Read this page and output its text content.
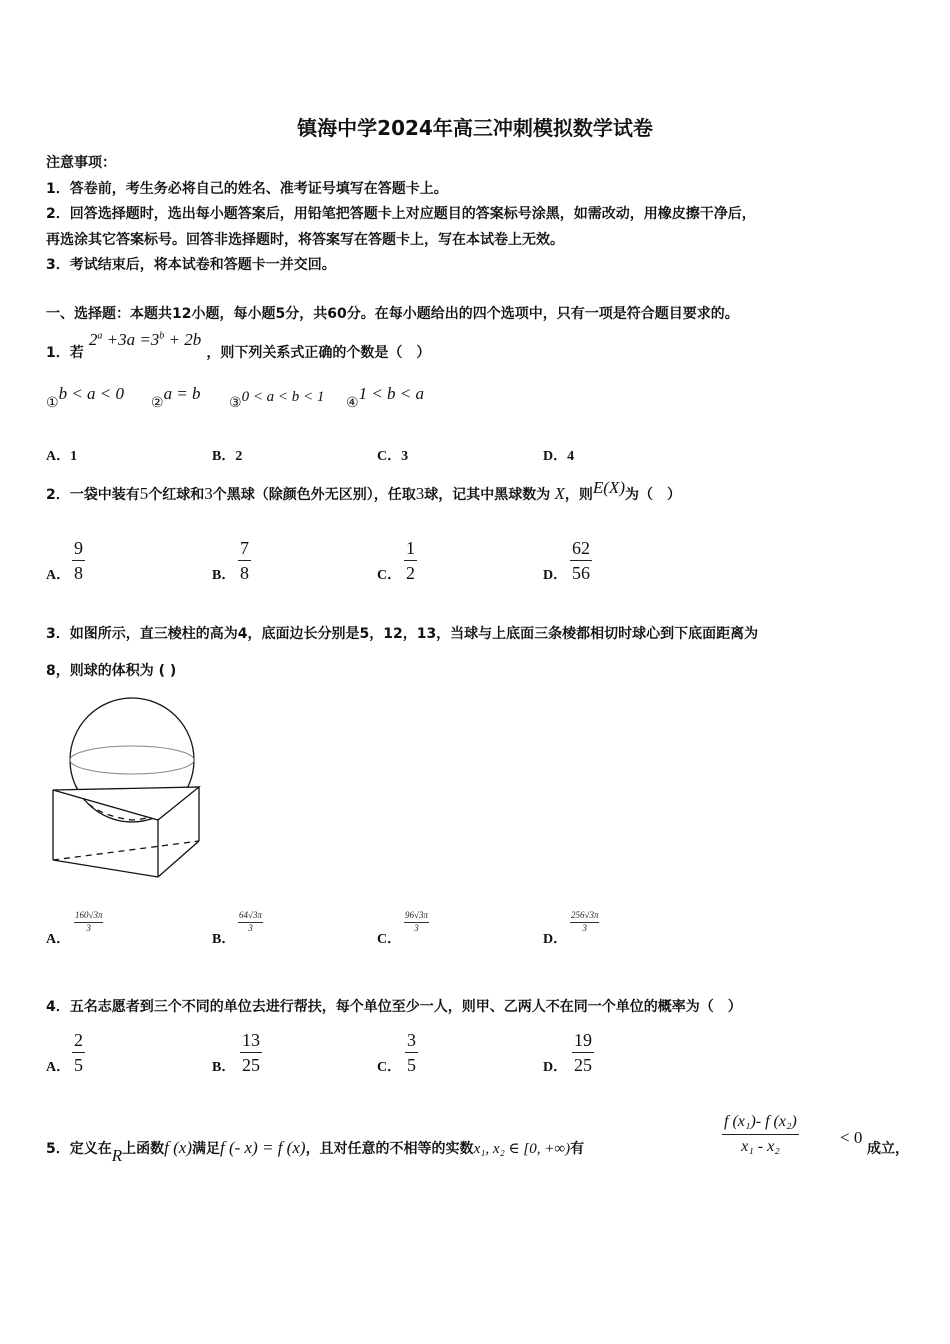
镇海中学2024年高三冲刺模拟数学试卷
注意事项：
1．答卷前，考生务必将自己的姓名、准考证号填写在答题卡上。
2．回答选择题时，选出每小题答案后，用铅笔把答题卡上对应题目的答案标号涂黑，如需改动，用橡皮擦干净后，
再选涂其它答案标号。回答非选择题时，将答案写在答题卡上，写在本试卷上无效。
3．考试结束后，将本试卷和答题卡一并交回。
一、选择题：本题共12小题，每小题5分，共60分。在每小题给出的四个选项中，只有一项是符合题目要求的。
1．若 $2^a +3a =3^b + 2b$ ，则下列关系式正确的个数是（　）
①b < a < 0 ②a = b ③0 < a < b < 1 ④1 < b < a
A．1	B．2	C．3	D．4
2．一袋中装有5个红球和3个黑球（除颜色外无区别），任取3球，记其中黑球数为 X，则E(X)为（　）
A． $\frac{9}{8}$	B． $\frac{7}{8}$	C． $\frac{1}{2}$	D． $\frac{62}{56}$
3．如图所示，直三棱柱的高为4，底面边长分别是5，12，13，当球与上底面三条棱都相切时球心到下底面距离为
8，则球的体积为 ( )
A．
$\frac{160√3\pi}{3}$
B．
$\frac{64√3\pi}{3}$
C．
$\frac{96√3\pi}{3}$
D．
$\frac{256√3\pi}{3}$
4．五名志愿者到三个不同的单位去进行帮扶，每个单位至少一人，则甲、乙两人不在同一个单位的概率为（　）
A． $\frac{2}{5}$	B． $\frac{13}{25}$	C． $\frac{3}{5}$	D． $\frac{19}{25}$
5．定义在R上函数f (x)满足f (- x) = f (x)，且对任意的不相等的实数x₁, x₂ ∈ [0, +∞)有	$\frac{\text{f (x₁)- f (x₂)}}{\text{x₁ - x₂}} < 0$
成立，
